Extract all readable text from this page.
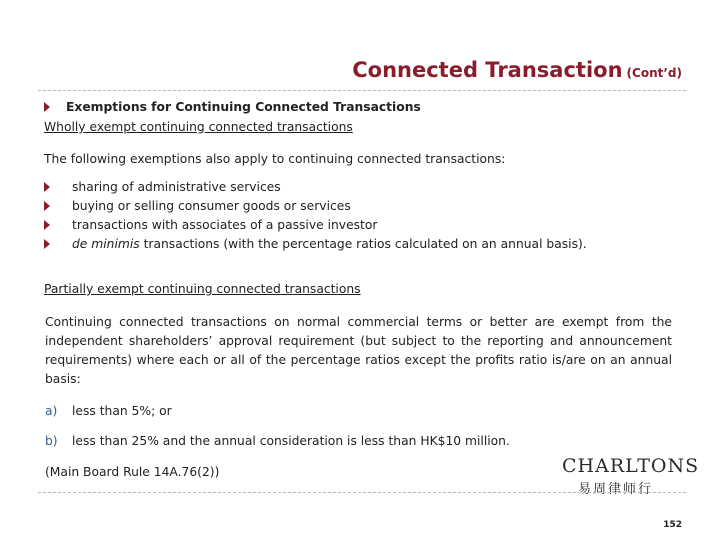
Connected Transaction (Cont’d)
Exemptions for Continuing Connected Transactions
Wholly exempt continuing connected transactions
The following exemptions also apply to continuing connected transactions:
sharing of administrative services
buying or selling consumer goods or services
transactions with associates of a passive investor
de minimis transactions (with the percentage ratios calculated on an annual basis).
Partially exempt continuing connected transactions
Continuing connected transactions on normal commercial terms or better are exempt from the independent shareholders’ approval requirement (but subject to the reporting and announcement requirements) where each or all of the percentage ratios except the profits ratio is/are on an annual basis:
a) less than 5%; or
b) less than 25% and the annual consideration is less than HK$10 million.
(Main Board Rule 14A.76(2))	CHARLTONS
易周律师行
152
